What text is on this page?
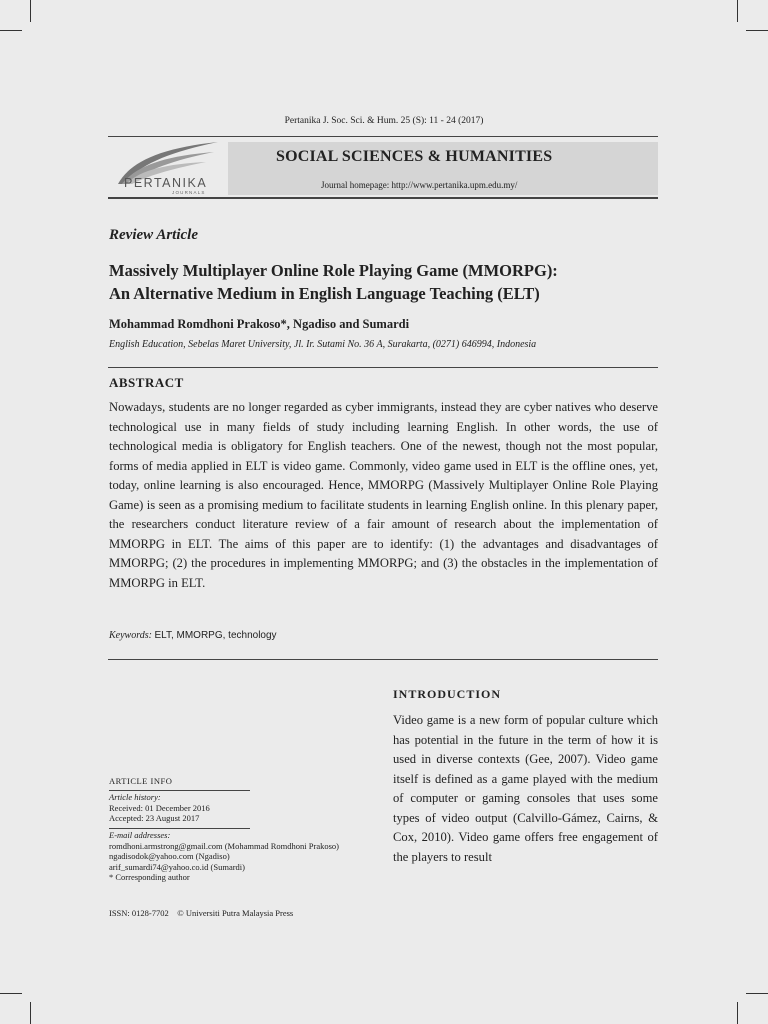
Pertanika J. Soc. Sci. & Hum. 25 (S): 11 - 24 (2017)
PERTANIKA
JOURNALS
SOCIAL SCIENCES & HUMANITIES
Journal homepage: http://www.pertanika.upm.edu.my/
Review Article
Massively Multiplayer Online Role Playing Game (MMORPG):
An Alternative Medium in English Language Teaching (ELT)
Mohammad Romdhoni Prakoso*, Ngadiso and Sumardi
English Education, Sebelas Maret University, Jl. Ir. Sutami No. 36 A, Surakarta, (0271) 646994, Indonesia
ABSTRACT

Nowadays, students are no longer regarded as cyber immigrants, instead they are cyber natives who deserve technological use in many fields of study including learning English. In other words, the use of technological media is obligatory for English teachers. One of the newest, though not the most popular, forms of media applied in ELT is video game. Commonly, video game used in ELT is the offline ones, yet, today, online learning is also encouraged. Hence, MMORPG (Massively Multiplayer Online Role Playing Game) is seen as a promising medium to facilitate students in learning English online. In this plenary paper, the researchers conduct literature review of a fair amount of research about the implementation of MMORPG in ELT. The aims of this paper are to identify: (1) the advantages and disadvantages of MMORPG; (2) the procedures in implementing MMORPG; and (3) the obstacles in the implementation of MMORPG in ELT.

Keywords: ELT, MMORPG, technology
INTRODUCTION

Video game is a new form of popular culture which has potential in the future in the term of how it is used in diverse contexts (Gee, 2007). Video game itself is defined as a game played with the medium of computer or gaming consoles that uses some types of video output (Calvillo-Gámez, Cairns, & Cox, 2010). Video game offers free engagement of the players to result

ARTICLE INFO
Article history:
Received: 01 December 2016
Accepted: 23 August 2017
E-mail addresses:
romdhoni.armstrong@gmail.com (Mohammad Romdhoni Prakoso)
ngadisodok@yahoo.com (Ngadiso)
arif_sumardi74@yahoo.co.id (Sumardi)
* Corresponding author
ISSN: 0128-7702    © Universiti Putra Malaysia Press
